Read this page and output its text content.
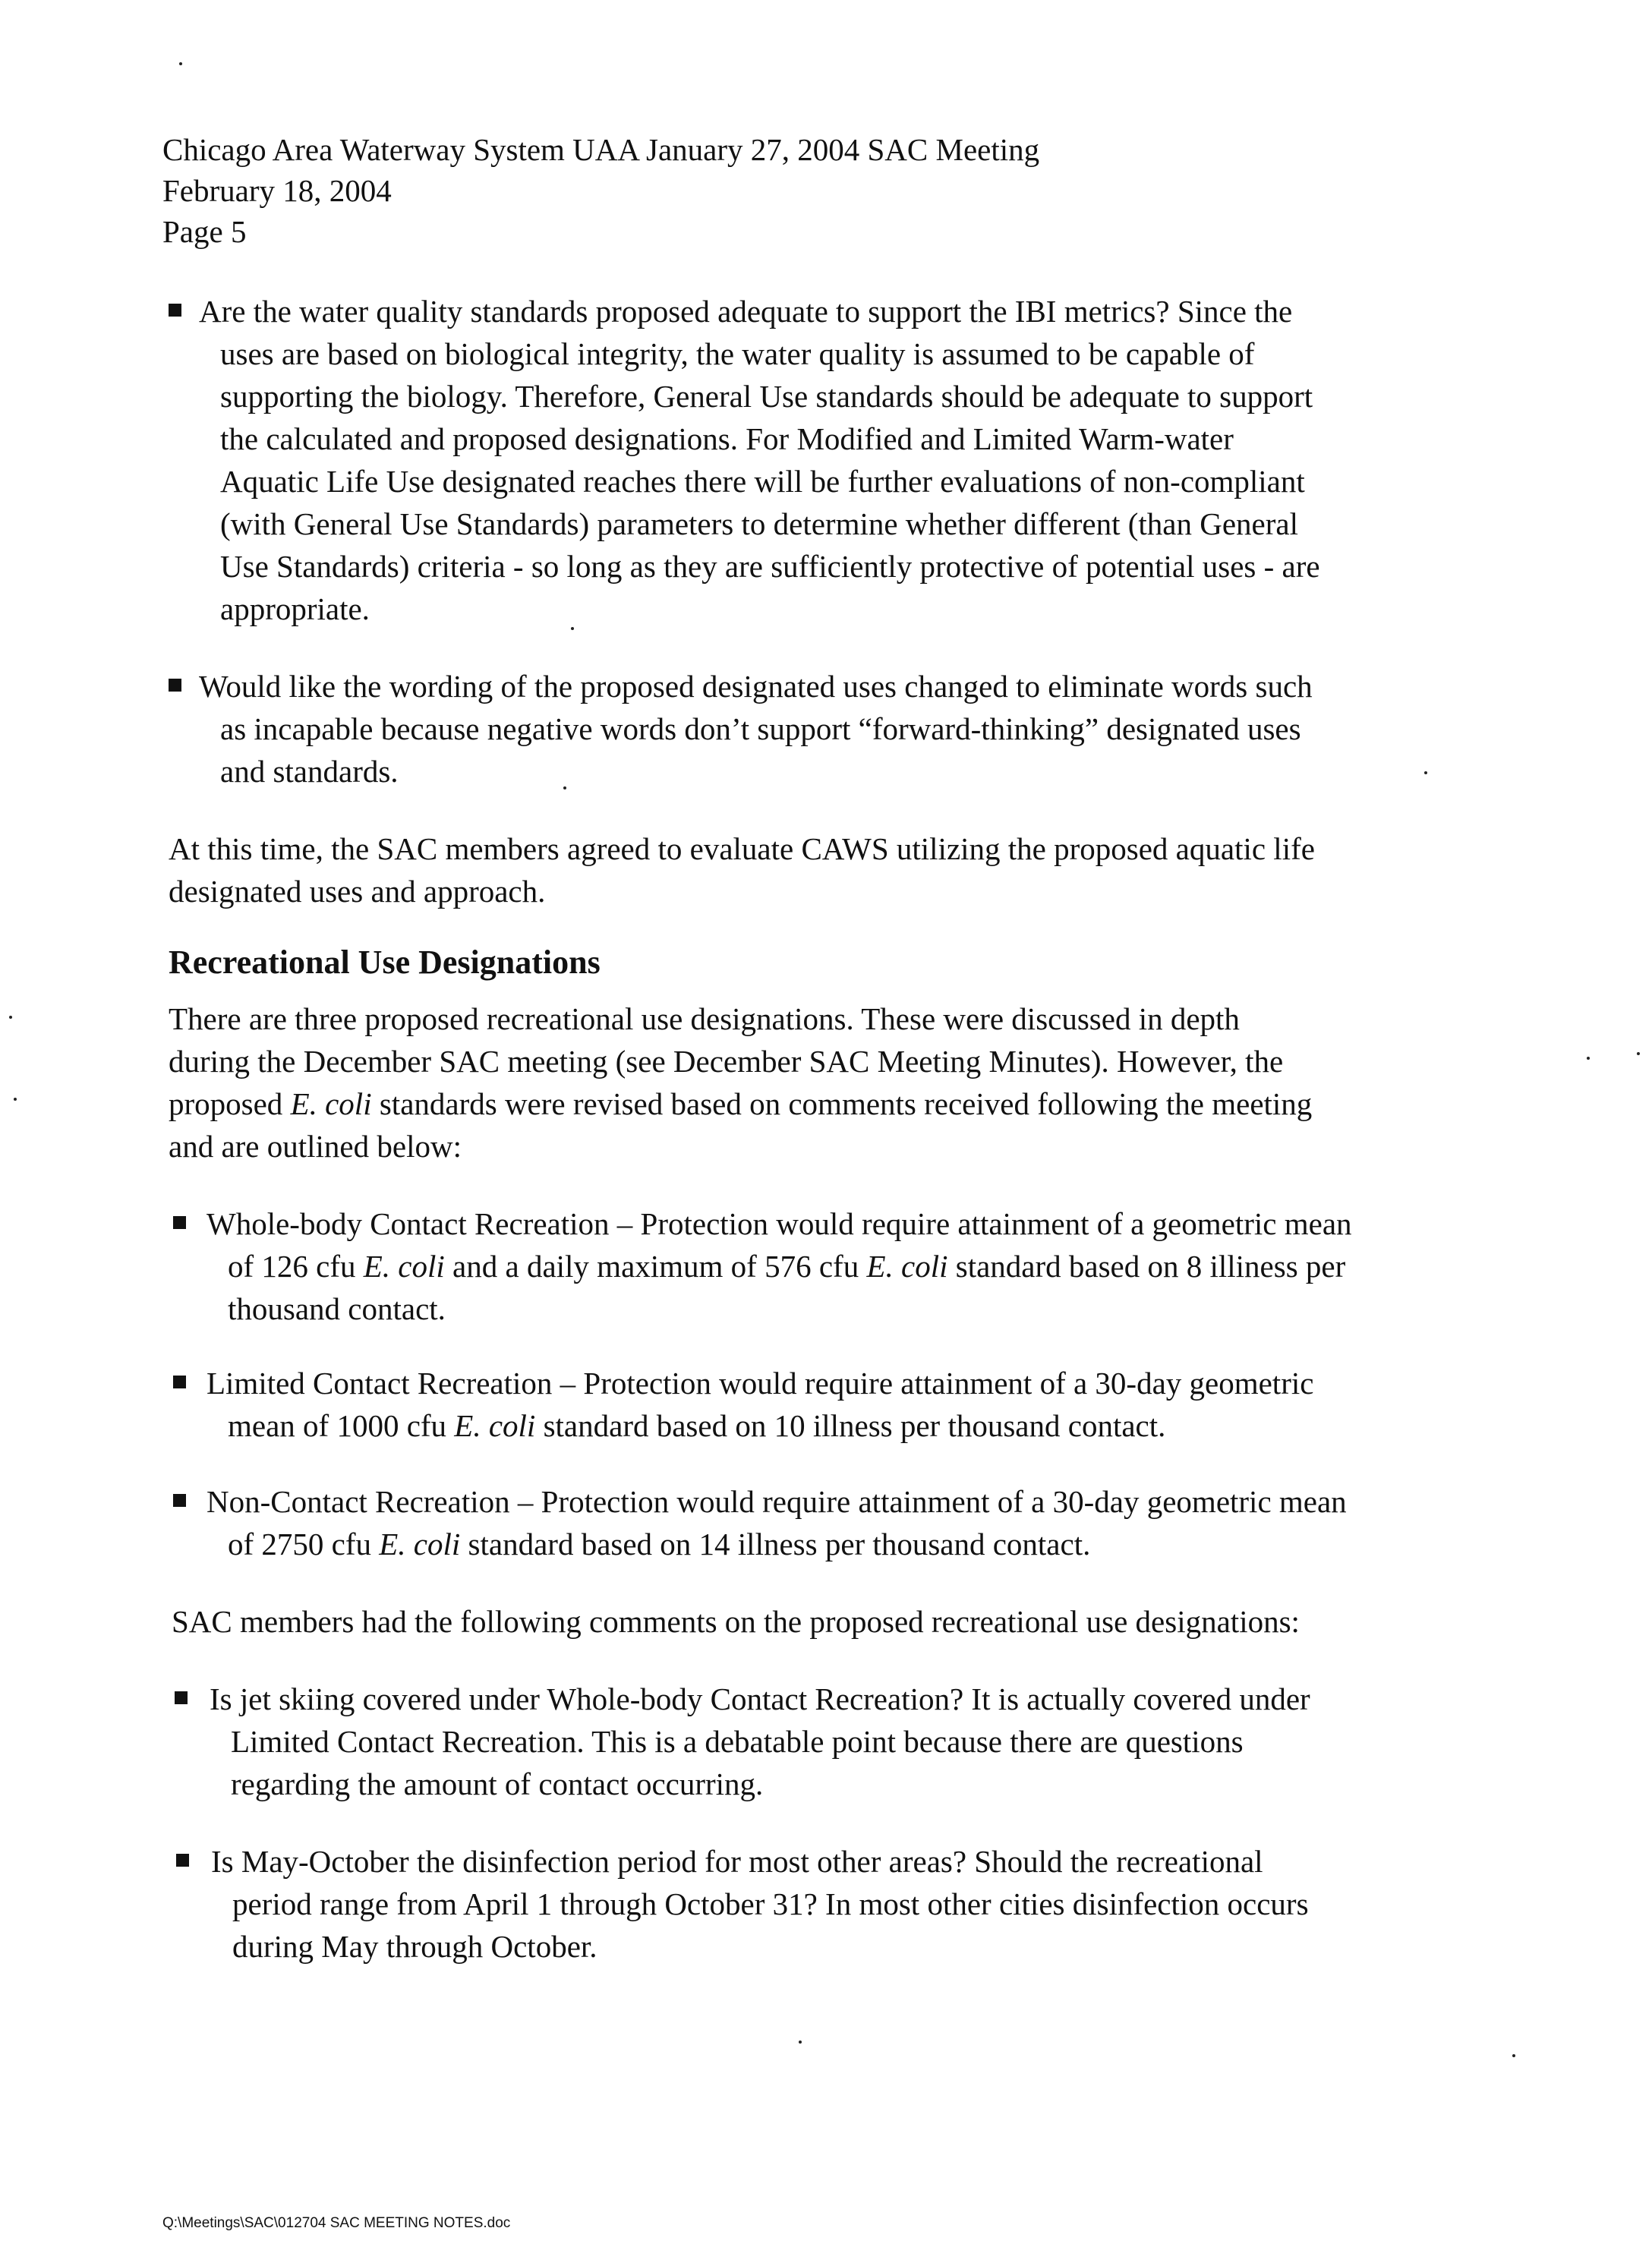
Chicago Area Waterway System UAA January 27, 2004 SAC Meeting
February 18, 2004
Page 5

Are the water quality standards proposed adequate to support the IBI metrics? Since the

uses are based on biological integrity, the water quality is assumed to be capable of

supporting the biology. Therefore, General Use standards should be adequate to support

the calculated and proposed designations. For Modified and Limited Warm-water

Aquatic Life Use designated reaches there will be further evaluations of non-compliant

(with General Use Standards) parameters to determine whether different (than General

Use Standards) criteria - so long as they are sufficiently protective of potential uses - are

appropriate.

Would like the wording of the proposed designated uses changed to eliminate words such

as incapable because negative words don’t support “forward-thinking” designated uses

and standards.

At this time, the SAC members agreed to evaluate CAWS utilizing the proposed aquatic life

designated uses and approach.

Recreational Use Designations

There are three proposed recreational use designations. These were discussed in depth

during the December SAC meeting (see December SAC Meeting Minutes). However, the

proposed E. coli standards were revised based on comments received following the meeting

and are outlined below:

Whole-body Contact Recreation – Protection would require attainment of a geometric mean

of 126 cfu E. coli and a daily maximum of 576 cfu E. coli standard based on 8 illiness per

thousand contact.

Limited Contact Recreation – Protection would require attainment of a 30-day geometric

mean of 1000 cfu E. coli standard based on 10 illness per thousand contact.

Non-Contact Recreation – Protection would require attainment of a 30-day geometric mean

of 2750 cfu E. coli standard based on 14 illness per thousand contact.

SAC members had the following comments on the proposed recreational use designations:

Is jet skiing covered under Whole-body Contact Recreation? It is actually covered under

Limited Contact Recreation. This is a debatable point because there are questions

regarding the amount of contact occurring.

Is May-October the disinfection period for most other areas? Should the recreational

period range from April 1 through October 31? In most other cities disinfection occurs

during May through October.

Q:\Meetings\SAC\012704 SAC MEETING NOTES.doc
